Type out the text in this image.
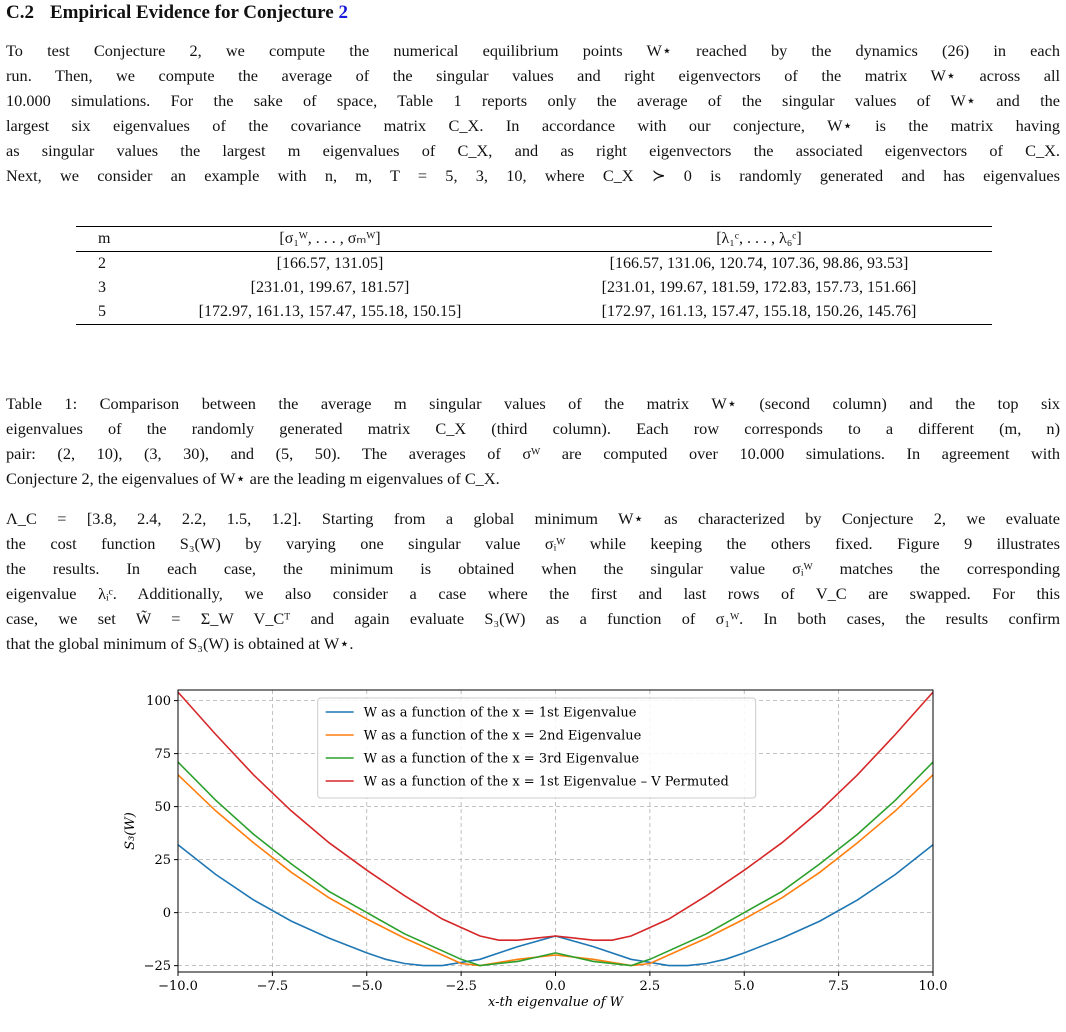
C.2 Empirical Evidence for Conjecture 2
To test Conjecture 2, we compute the numerical equilibrium points W⋆ reached by the dynamics (26) in each
run. Then, we compute the average of the singular values and right eigenvectors of the matrix W⋆ across all
10.000 simulations. For the sake of space, Table 1 reports only the average of the singular values of W⋆ and the
largest six eigenvalues of the covariance matrix C_X. In accordance with our conjecture, W⋆ is the matrix having
as singular values the largest m eigenvalues of C_X, and as right eigenvectors the associated eigenvectors of C_X.
Next, we consider an example with n, m, T = 5, 3, 10, where C_X ≻ 0 is randomly generated and has eigenvalues
m	[σ₁ᵂ, . . . , σₘᵂ]	[λ₁ᶜ, . . . , λ₆ᶜ]
2	[166.57, 131.05]	[166.57, 131.06, 120.74, 107.36, 98.86, 93.53]
3	[231.01, 199.67, 181.57]	[231.01, 199.67, 181.59, 172.83, 157.73, 151.66]
5	[172.97, 161.13, 157.47, 155.18, 150.15]	[172.97, 161.13, 157.47, 155.18, 150.26, 145.76]
Table 1: Comparison between the average m singular values of the matrix W⋆ (second column) and the top six
eigenvalues of the randomly generated matrix C_X (third column). Each row corresponds to a different (m, n)
pair: (2, 10), (3, 30), and (5, 50). The averages of σᵂ are computed over 10.000 simulations. In agreement with
Conjecture 2, the eigenvalues of W⋆ are the leading m eigenvalues of C_X.
Λ_C = [3.8, 2.4, 2.2, 1.5, 1.2]. Starting from a global minimum W⋆ as characterized by Conjecture 2, we evaluate
the cost function S₃(W) by varying one singular value σᵢᵂ while keeping the others fixed. Figure 9 illustrates
the results. In each case, the minimum is obtained when the singular value σᵢᵂ matches the corresponding
eigenvalue λᵢᶜ. Additionally, we also consider a case where the first and last rows of V_C are swapped. For this
case, we set W̃ = Σ_W V_Cᵀ and again evaluate S₃(W) as a function of σ₁ᵂ. In both cases, the results confirm
that the global minimum of S₃(W) is obtained at W⋆.
−10.0	−7.5	−5.0	−2.5	0.0	2.5	5.0	7.5	10.0
−25
0
25
50
75
100
x-th eigenvalue of W
S₃(W)
W as a function of the x = 1st Eigenvalue
W as a function of the x = 2nd Eigenvalue
W as a function of the x = 3rd Eigenvalue
W as a function of the x = 1st Eigenvalue – V Permuted
